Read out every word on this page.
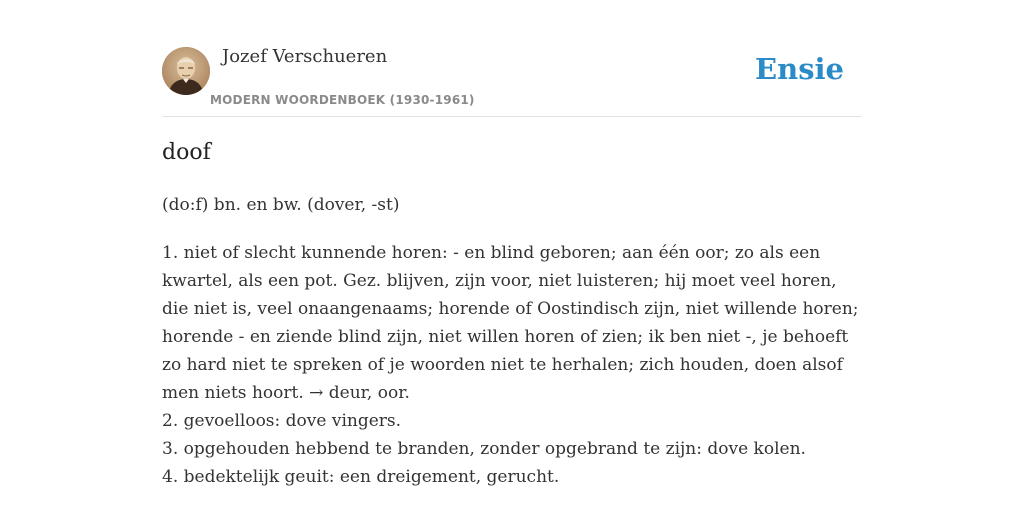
Jozef Verschueren
MODERN WOORDENBOEK (1930-1961)
Ensie
doof
(do:f) bn. en bw. (dover, -st)
1. niet of slecht kunnende horen: - en blind geboren; aan één oor; zo als een
kwartel, als een pot. Gez. blijven, zijn voor, niet luisteren; hij moet veel horen,
die niet is, veel onaangenaams; horende of Oostindisch zijn, niet willende horen;
horende - en ziende blind zijn, niet willen horen of zien; ik ben niet -, je behoeft
zo hard niet te spreken of je woorden niet te herhalen; zich houden, doen alsof
men niets hoort. → deur, oor.
2. gevoelloos: dove vingers.
3. opgehouden hebbend te branden, zonder opgebrand te zijn: dove kolen.
4. bedektelijk geuit: een dreigement, gerucht.
